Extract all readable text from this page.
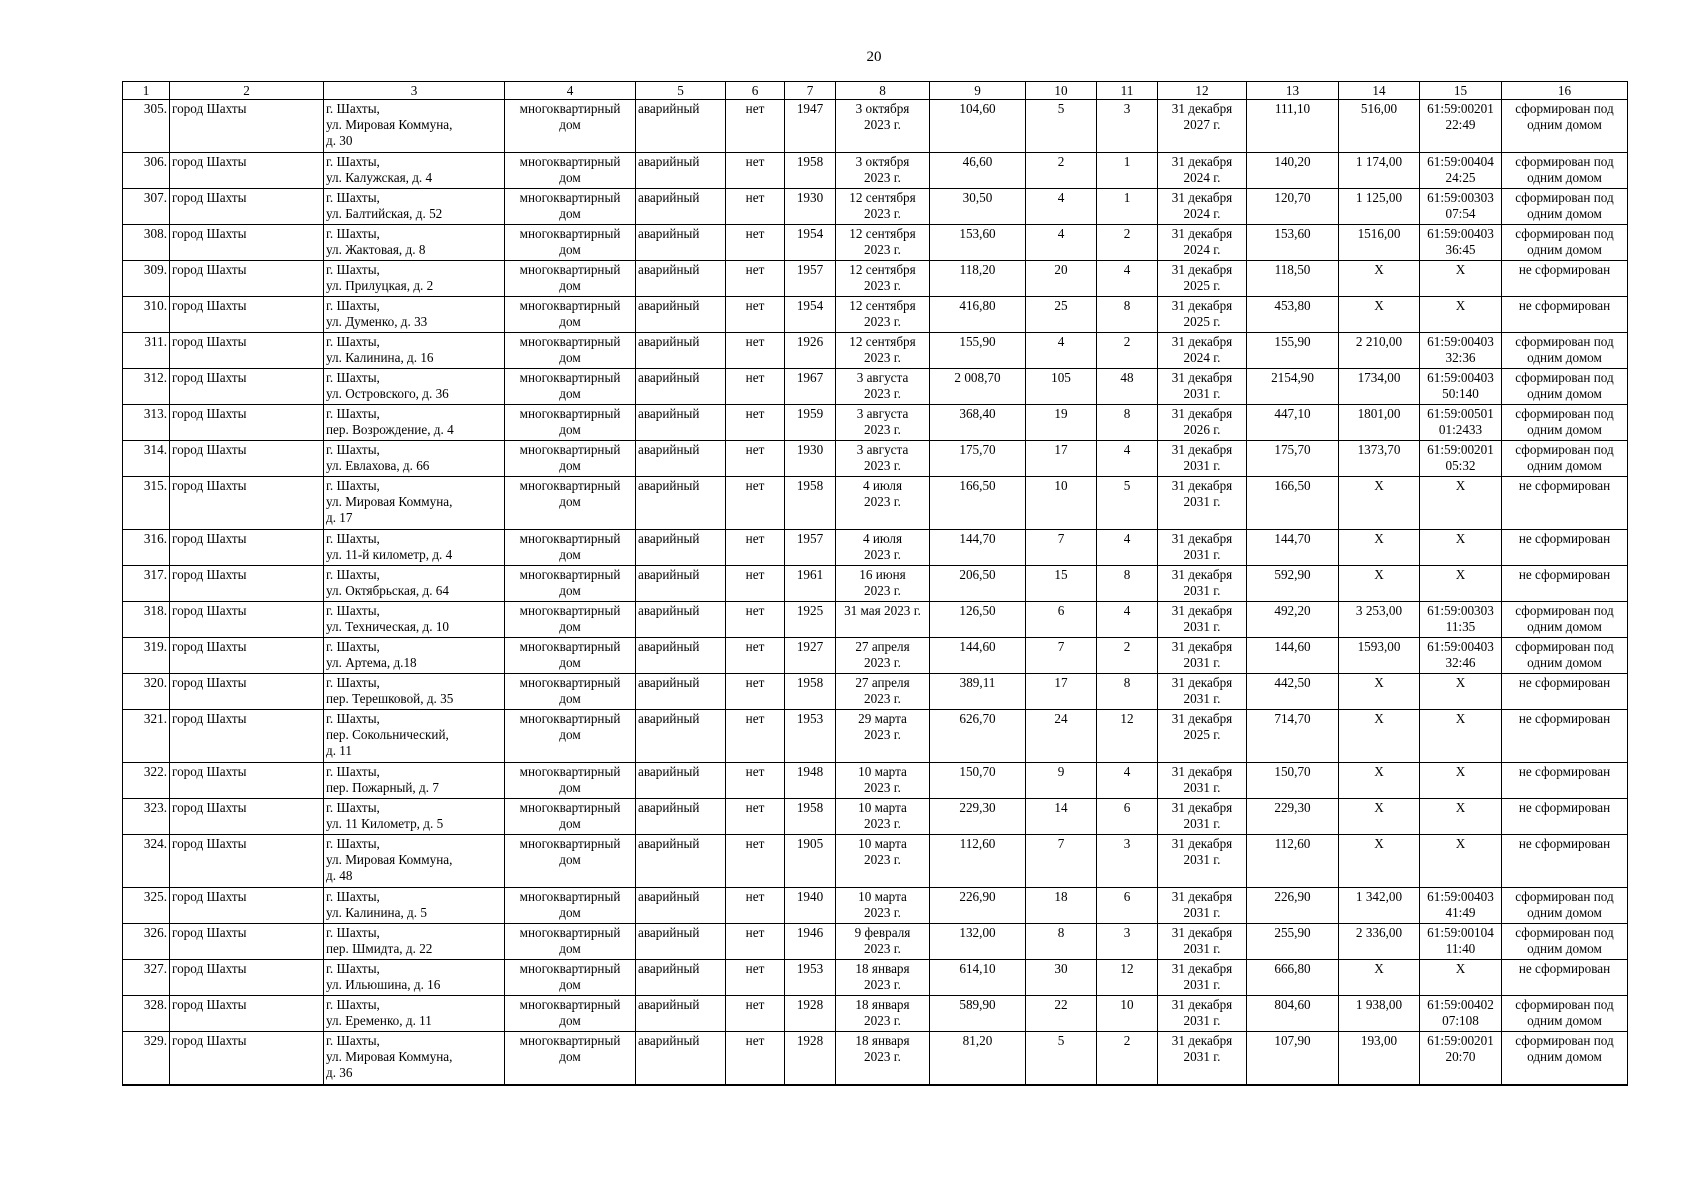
20
1	2	3	4	5	6	7	8	9	10	11	12	13	14	15	16
305.	город Шахты	г. Шахты,
ул. Мировая Коммуна,
д. 30	многоквартирный
дом	аварийный	нет	1947	3 октября
2023 г.	104,60	5	3	31 декабря
2027 г.	111,10	516,00	61:59:00201
22:49	сформирован под
одним домом
306.	город Шахты	г. Шахты,
ул. Калужская, д. 4	многоквартирный
дом	аварийный	нет	1958	3 октября
2023 г.	46,60	2	1	31 декабря
2024 г.	140,20	1 174,00	61:59:00404
24:25	сформирован под
одним домом
307.	город Шахты	г. Шахты,
ул. Балтийская, д. 52	многоквартирный
дом	аварийный	нет	1930	12 сентября
2023 г.	30,50	4	1	31 декабря
2024 г.	120,70	1 125,00	61:59:00303
07:54	сформирован под
одним домом
308.	город Шахты	г. Шахты,
ул. Жактовая, д. 8	многоквартирный
дом	аварийный	нет	1954	12 сентября
2023 г.	153,60	4	2	31 декабря
2024 г.	153,60	1516,00	61:59:00403
36:45	сформирован под
одним домом
309.	город Шахты	г. Шахты,
ул. Прилуцкая, д. 2	многоквартирный
дом	аварийный	нет	1957	12 сентября
2023 г.	118,20	20	4	31 декабря
2025 г.	118,50	Х	Х	не сформирован
310.	город Шахты	г. Шахты,
ул. Думенко, д. 33	многоквартирный
дом	аварийный	нет	1954	12 сентября
2023 г.	416,80	25	8	31 декабря
2025 г.	453,80	Х	Х	не сформирован
311.	город Шахты	г. Шахты,
ул. Калинина, д. 16	многоквартирный
дом	аварийный	нет	1926	12 сентября
2023 г.	155,90	4	2	31 декабря
2024 г.	155,90	2 210,00	61:59:00403
32:36	сформирован под
одним домом
312.	город Шахты	г. Шахты,
ул. Островского, д. 36	многоквартирный
дом	аварийный	нет	1967	3 августа
2023 г.	2 008,70	105	48	31 декабря
2031 г.	2154,90	1734,00	61:59:00403
50:140	сформирован под
одним домом
313.	город Шахты	г. Шахты,
пер. Возрождение, д. 4	многоквартирный
дом	аварийный	нет	1959	3 августа
2023 г.	368,40	19	8	31 декабря
2026 г.	447,10	1801,00	61:59:00501
01:2433	сформирован под
одним домом
314.	город Шахты	г. Шахты,
ул. Евлахова, д. 66	многоквартирный
дом	аварийный	нет	1930	3 августа
2023 г.	175,70	17	4	31 декабря
2031 г.	175,70	1373,70	61:59:00201
05:32	сформирован под
одним домом
315.	город Шахты	г. Шахты,
ул. Мировая Коммуна,
д. 17	многоквартирный
дом	аварийный	нет	1958	4 июля
2023 г.	166,50	10	5	31 декабря
2031 г.	166,50	Х	Х	не сформирован
316.	город Шахты	г. Шахты,
ул. 11-й километр, д. 4	многоквартирный
дом	аварийный	нет	1957	4 июля
2023 г.	144,70	7	4	31 декабря
2031 г.	144,70	Х	Х	не сформирован
317.	город Шахты	г. Шахты,
ул. Октябрьская, д. 64	многоквартирный
дом	аварийный	нет	1961	16 июня
2023 г.	206,50	15	8	31 декабря
2031 г.	592,90	Х	Х	не сформирован
318.	город Шахты	г. Шахты,
ул. Техническая, д. 10	многоквартирный
дом	аварийный	нет	1925	31 мая 2023 г.	126,50	6	4	31 декабря
2031 г.	492,20	3 253,00	61:59:00303
11:35	сформирован под
одним домом
319.	город Шахты	г. Шахты,
ул. Артема, д.18	многоквартирный
дом	аварийный	нет	1927	27 апреля
2023 г.	144,60	7	2	31 декабря
2031 г.	144,60	1593,00	61:59:00403
32:46	сформирован под
одним домом
320.	город Шахты	г. Шахты,
пер. Терешковой, д. 35	многоквартирный
дом	аварийный	нет	1958	27 апреля
2023 г.	389,11	17	8	31 декабря
2031 г.	442,50	Х	Х	не сформирован
321.	город Шахты	г. Шахты,
пер. Сокольнический,
д. 11	многоквартирный
дом	аварийный	нет	1953	29 марта
2023 г.	626,70	24	12	31 декабря
2025 г.	714,70	Х	Х	не сформирован
322.	город Шахты	г. Шахты,
пер. Пожарный, д. 7	многоквартирный
дом	аварийный	нет	1948	10 марта
2023 г.	150,70	9	4	31 декабря
2031 г.	150,70	Х	Х	не сформирован
323.	город Шахты	г. Шахты,
ул. 11 Километр, д. 5	многоквартирный
дом	аварийный	нет	1958	10 марта
2023 г.	229,30	14	6	31 декабря
2031 г.	229,30	Х	Х	не сформирован
324.	город Шахты	г. Шахты,
ул. Мировая Коммуна,
д. 48	многоквартирный
дом	аварийный	нет	1905	10 марта
2023 г.	112,60	7	3	31 декабря
2031 г.	112,60	Х	Х	не сформирован
325.	город Шахты	г. Шахты,
ул. Калинина, д. 5	многоквартирный
дом	аварийный	нет	1940	10 марта
2023 г.	226,90	18	6	31 декабря
2031 г.	226,90	1 342,00	61:59:00403
41:49	сформирован под
одним домом
326.	город Шахты	г. Шахты,
пер. Шмидта, д. 22	многоквартирный
дом	аварийный	нет	1946	9 февраля
2023 г.	132,00	8	3	31 декабря
2031 г.	255,90	2 336,00	61:59:00104
11:40	сформирован под
одним домом
327.	город Шахты	г. Шахты,
ул. Ильюшина, д. 16	многоквартирный
дом	аварийный	нет	1953	18 января
2023 г.	614,10	30	12	31 декабря
2031 г.	666,80	Х	Х	не сформирован
328.	город Шахты	г. Шахты,
ул. Еременко, д. 11	многоквартирный
дом	аварийный	нет	1928	18 января
2023 г.	589,90	22	10	31 декабря
2031 г.	804,60	1 938,00	61:59:00402
07:108	сформирован под
одним домом
329.	город Шахты	г. Шахты,
ул. Мировая Коммуна,
д. 36	многоквартирный
дом	аварийный	нет	1928	18 января
2023 г.	81,20	5	2	31 декабря
2031 г.	107,90	193,00	61:59:00201
20:70	сформирован под
одним домом
